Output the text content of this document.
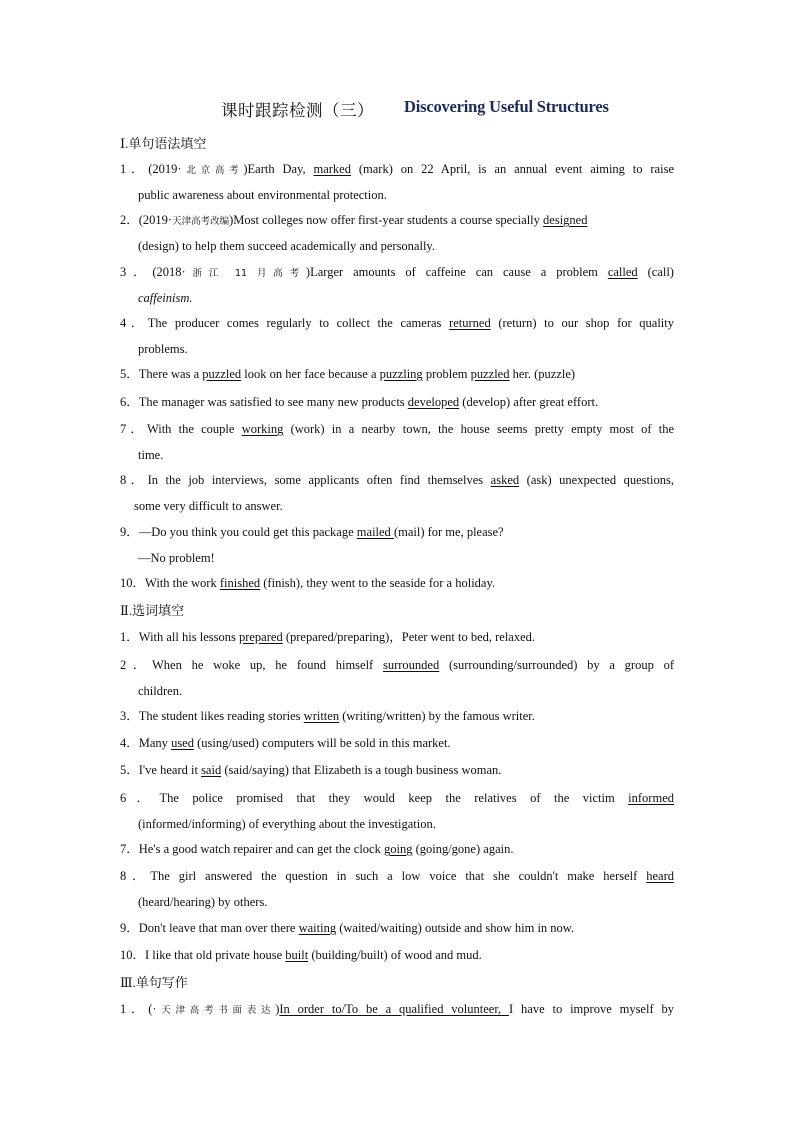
课时跟踪检测（三） Discovering Useful Structures
Ⅰ.单句语法填空
1．(2019·北京高考)Earth Day, marked (mark) on 22 April, is an annual event aiming to raise
public awareness about environmental protection.
2．(2019·天津高考改编)Most colleges now offer first-year students a course specially designed
(design) to help them succeed academically and personally.
3．(2018·浙江 11 月高考)Larger amounts of caffeine can cause a problem called (call)
caffeinism.
4．The producer comes regularly to collect the cameras returned (return) to our shop for quality
problems.
5．There was a puzzled look on her face because a puzzling problem puzzled her. (puzzle)
6．The manager was satisfied to see many new products developed (develop) after great effort.
7．With the couple working (work) in a nearby town, the house seems pretty empty most of the
time.
8．In the job interviews, some applicants often find themselves asked (ask) unexpected questions,
some very difficult to answer.
9．—Do you think you could get this package mailed (mail) for me, please?
—No problem!
10．With the work finished (finish), they went to the seaside for a holiday.
Ⅱ.选词填空
1．With all his lessons prepared (prepared/preparing)，Peter went to bed, relaxed.
2．When he woke up, he found himself surrounded (surrounding/surrounded) by a group of
children.
3．The student likes reading stories written (writing/written) by the famous writer.
4．Many used (using/used) computers will be sold in this market.
5．I've heard it said (said/saying) that Elizabeth is a tough business woman.
6．The police promised that they would keep the relatives of the victim informed
(informed/informing) of everything about the investigation.
7．He's a good watch repairer and can get the clock going (going/gone) again.
8．The girl answered the question in such a low voice that she couldn't make herself heard
(heard/hearing) by others.
9．Don't leave that man over there waiting (waited/waiting) outside and show him in now.
10．I like that old private house built (building/built) of wood and mud.
Ⅲ.单句写作
1．(·天津高考书面表达)In order to/To be a qualified volunteer, I have to improve myself by
